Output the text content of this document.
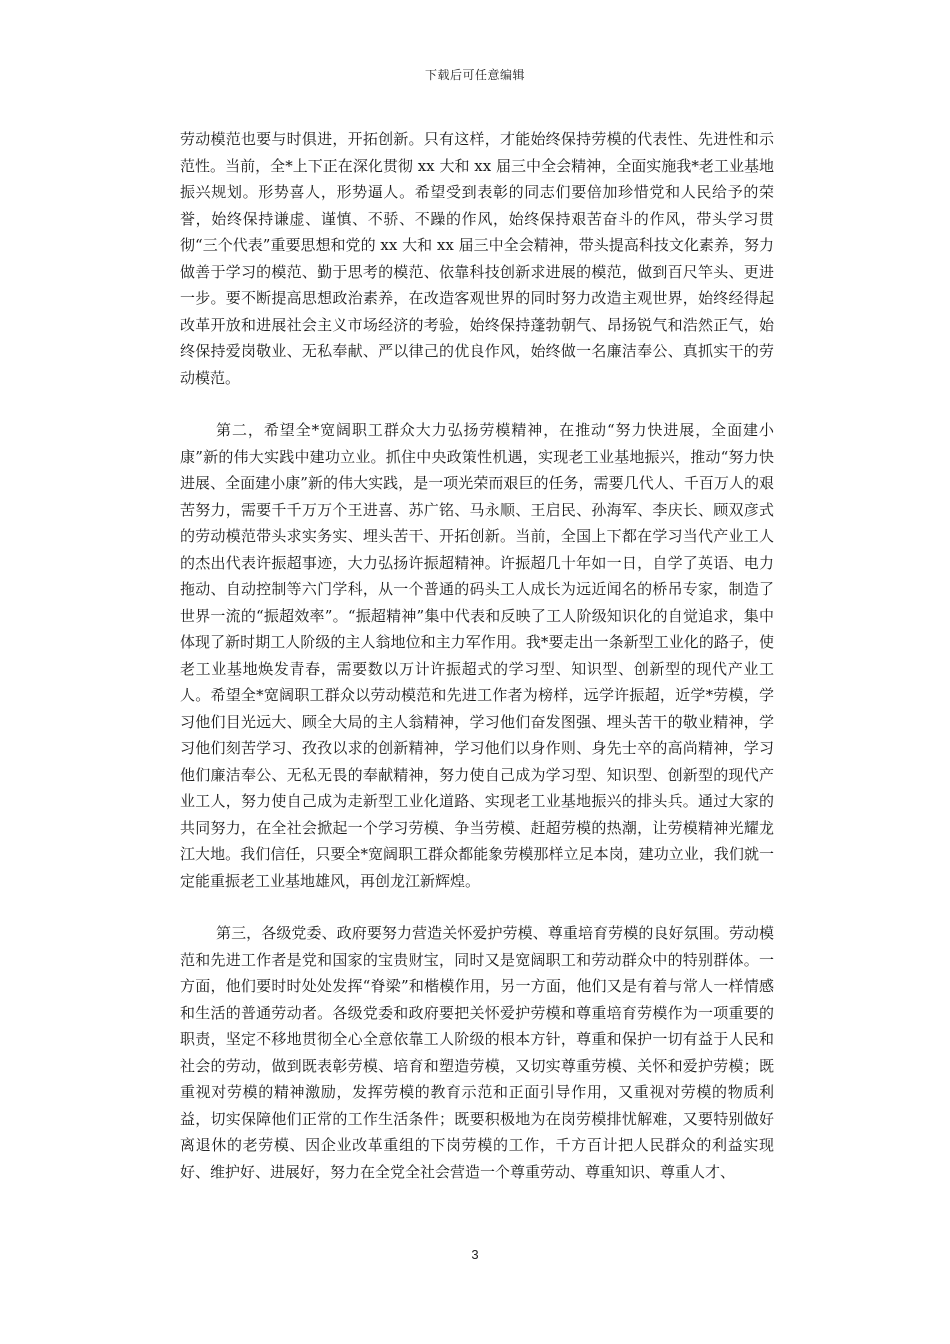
下载后可任意编辑

劳动模范也要与时俱进，开拓创新。只有这样，才能始终保持劳模的代表性、先进性和示范性。当前，全*上下正在深化贯彻 xx 大和 xx 届三中全会精神，全面实施我*老工业基地振兴规划。形势喜人，形势逼人。希望受到表彰的同志们要倍加珍惜党和人民给予的荣誉，始终保持谦虚、谨慎、不骄、不躁的作风，始终保持艰苦奋斗的作风，带头学习贯彻“三个代表”重要思想和党的 xx 大和 xx 届三中全会精神，带头提高科技文化素养，努力做善于学习的模范、勤于思考的模范、依靠科技创新求进展的模范，做到百尺竿头、更进一步。要不断提高思想政治素养，在改造客观世界的同时努力改造主观世界，始终经得起改革开放和进展社会主义市场经济的考验，始终保持蓬勃朝气、昂扬锐气和浩然正气，始终保持爱岗敬业、无私奉献、严以律己的优良作风，始终做一名廉洁奉公、真抓实干的劳动模范。

第二，希望全*宽阔职工群众大力弘扬劳模精神，在推动“努力快进展，全面建小康”新的伟大实践中建功立业。抓住中央政策性机遇，实现老工业基地振兴，推动“努力快进展、全面建小康”新的伟大实践，是一项光荣而艰巨的任务，需要几代人、千百万人的艰苦努力，需要千千万万个王进喜、苏广铭、马永顺、王启民、孙海军、李庆长、顾双彦式的劳动模范带头求实务实、埋头苦干、开拓创新。当前，全国上下都在学习当代产业工人的杰出代表许振超事迹，大力弘扬许振超精神。许振超几十年如一日，自学了英语、电力拖动、自动控制等六门学科，从一个普通的码头工人成长为远近闻名的桥吊专家，制造了世界一流的“振超效率”。“振超精神”集中代表和反映了工人阶级知识化的自觉追求，集中体现了新时期工人阶级的主人翁地位和主力军作用。我*要走出一条新型工业化的路子，使老工业基地焕发青春，需要数以万计许振超式的学习型、知识型、创新型的现代产业工人。希望全*宽阔职工群众以劳动模范和先进工作者为榜样，远学许振超，近学*劳模，学习他们目光远大、顾全大局的主人翁精神，学习他们奋发图强、埋头苦干的敬业精神，学习他们刻苦学习、孜孜以求的创新精神，学习他们以身作则、身先士卒的高尚精神，学习他们廉洁奉公、无私无畏的奉献精神，努力使自己成为学习型、知识型、创新型的现代产业工人，努力使自己成为走新型工业化道路、实现老工业基地振兴的排头兵。通过大家的共同努力，在全社会掀起一个学习劳模、争当劳模、赶超劳模的热潮，让劳模精神光耀龙江大地。我们信任，只要全*宽阔职工群众都能象劳模那样立足本岗，建功立业，我们就一定能重振老工业基地雄风，再创龙江新辉煌。

第三，各级党委、政府要努力营造关怀爱护劳模、尊重培育劳模的良好氛围。劳动模范和先进工作者是党和国家的宝贵财宝，同时又是宽阔职工和劳动群众中的特别群体。一方面，他们要时时处处发挥“脊梁”和楷模作用，另一方面，他们又是有着与常人一样情感和生活的普通劳动者。各级党委和政府要把关怀爱护劳模和尊重培育劳模作为一项重要的职责，坚定不移地贯彻全心全意依靠工人阶级的根本方针，尊重和保护一切有益于人民和社会的劳动，做到既表彰劳模、培育和塑造劳模，又切实尊重劳模、关怀和爱护劳模；既重视对劳模的精神激励，发挥劳模的教育示范和正面引导作用，又重视对劳模的物质利益，切实保障他们正常的工作生活条件；既要积极地为在岗劳模排忧解难，又要特别做好离退休的老劳模、因企业改革重组的下岗劳模的工作，千方百计把人民群众的利益实现好、维护好、进展好，努力在全党全社会营造一个尊重劳动、尊重知识、尊重人才、

3
